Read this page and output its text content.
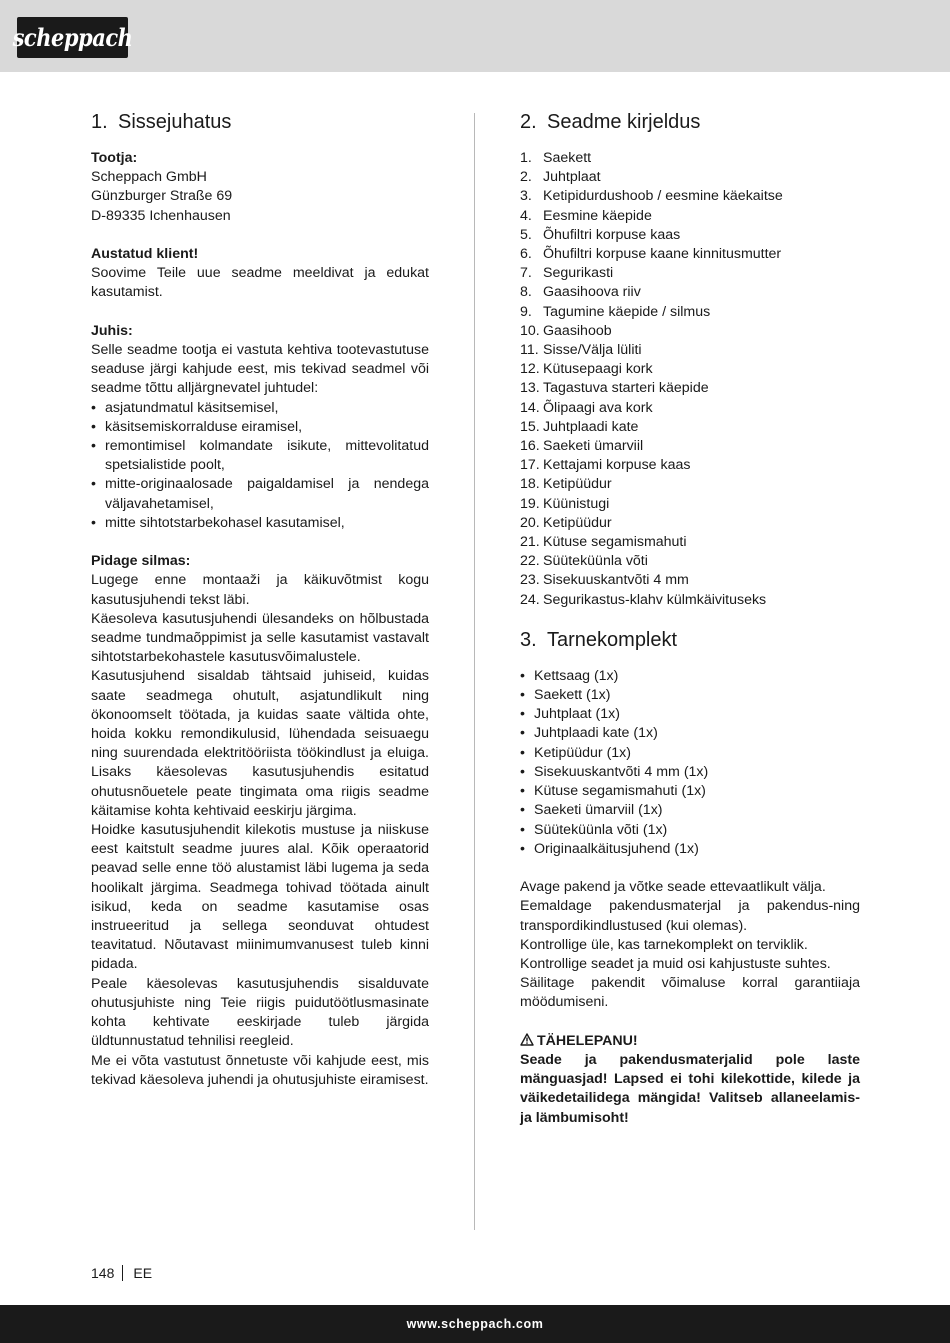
scheppach
1. Sissejuhatus

Tootja:

Scheppach GmbH

Günzburger Straße 69

D-89335 Ichenhausen

Austatud klient!

Soovime Teile uue seadme meeldivat ja edukat kasutamist.

Juhis:

Selle seadme tootja ei vastuta kehtiva tootevastutuse seaduse järgi kahjude eest, mis tekivad seadmel või seadme tõttu alljärgnevatel juhtudel:

• asjatundmatul käsitsemisel,
• käsitsemiskorralduse eiramisel,
• remontimisel kolmandate isikute, mittevolitatud spetsialistide poolt,
• mitte-originaalosade paigaldamisel ja nendega väljavahetamisel,
• mitte sihtotstarbekohasel kasutamisel,

Pidage silmas:

Lugege enne montaaži ja käikuvõtmist kogu kasutusjuhendi tekst läbi.

Käesoleva kasutusjuhendi ülesandeks on hõlbustada seadme tundmaõppimist ja selle kasutamist vastavalt sihtotstarbekohastele kasutusvõimalustele.

Kasutusjuhend sisaldab tähtsaid juhiseid, kuidas saate seadmega ohutult, asjatundlikult ning ökonoomselt töötada, ja kuidas saate vältida ohte, hoida kokku remondikulusid, lühendada seisuaegu ning suurendada elektritööriista töökindlust ja eluiga. Lisaks käesolevas kasutusjuhendis esitatud ohutusnõuetele peate tingimata oma riigis seadme käitamise kohta kehtivaid eeskirju järgima.

Hoidke kasutusjuhendit kilekotis mustuse ja niiskuse eest kaitstult seadme juures alal. Kõik operaatorid peavad selle enne töö alustamist läbi lugema ja seda hoolikalt järgima. Seadmega tohivad töötada ainult isikud, keda on seadme kasutamise osas instrueeritud ja sellega seonduvat ohtudest teavitatud. Nõutavast miinimumvanusest tuleb kinni pidada.

Peale käesolevas kasutusjuhendis sisalduvate ohutusjuhiste ning Teie riigis puidutöötlusmasinate kohta kehtivate eeskirjade tuleb järgida üldtunnustatud tehnilisi reegleid.

Me ei võta vastutust õnnetuste või kahjude eest, mis tekivad käesoleva juhendi ja ohutusjuhiste eiramisest.

2. Seadme kirjeldus
1. Saekett
2. Juhtplaat
3. Ketipidurdushoob / eesmine käekaitse
4. Eesmine käepide
5. Õhufiltri korpuse kaas
6. Õhufiltri korpuse kaane kinnitusmutter
7. Segurikasti
8. Gaasihoova riiv
9. Tagumine käepide / silmus
10. Gaasihoob
11. Sisse/Välja lüliti
12. Kütusepaagi kork
13. Tagastuva starteri käepide
14. Õlipaagi ava kork
15. Juhtplaadi kate
16. Saeketi ümarviil
17. Kettajami korpuse kaas
18. Ketipüüdur
19. Küünistugi
20. Ketipüüdur
21. Kütuse segamismahuti
22. Süüteküünla võti
23. Sisekuuskantvõti 4 mm
24. Segurikastus-klahv külmkäivituseks
3. Tarnekomplekt
• Kettsaag (1x)
• Saekett (1x)
• Juhtplaat (1x)
• Juhtplaadi kate (1x)
• Ketipüüdur (1x)
• Sisekuuskantvõti 4 mm (1x)
• Kütuse segamismahuti (1x)
• Saeketi ümarviil (1x)
• Süüteküünla võti (1x)
• Originaalkäitusjuhend (1x)

Avage pakend ja võtke seade ettevaatlikult välja.

Eemaldage pakendusmaterjal ja pakendus-ning transpordikindlustused (kui olemas).

Kontrollige üle, kas tarnekomplekt on terviklik.

Kontrollige seadet ja muid osi kahjustuste suhtes.

Säilitage pakendit võimaluse korral garantiiaja möödumiseni.

TÄHELEPANU!

Seade ja pakendusmaterjalid pole laste mänguasjad! Lapsed ei tohi kilekottide, kilede ja väikedetailidega mängida! Valitseb allaneelamis- ja lämbumisoht!

148 EE
www.scheppach.com
